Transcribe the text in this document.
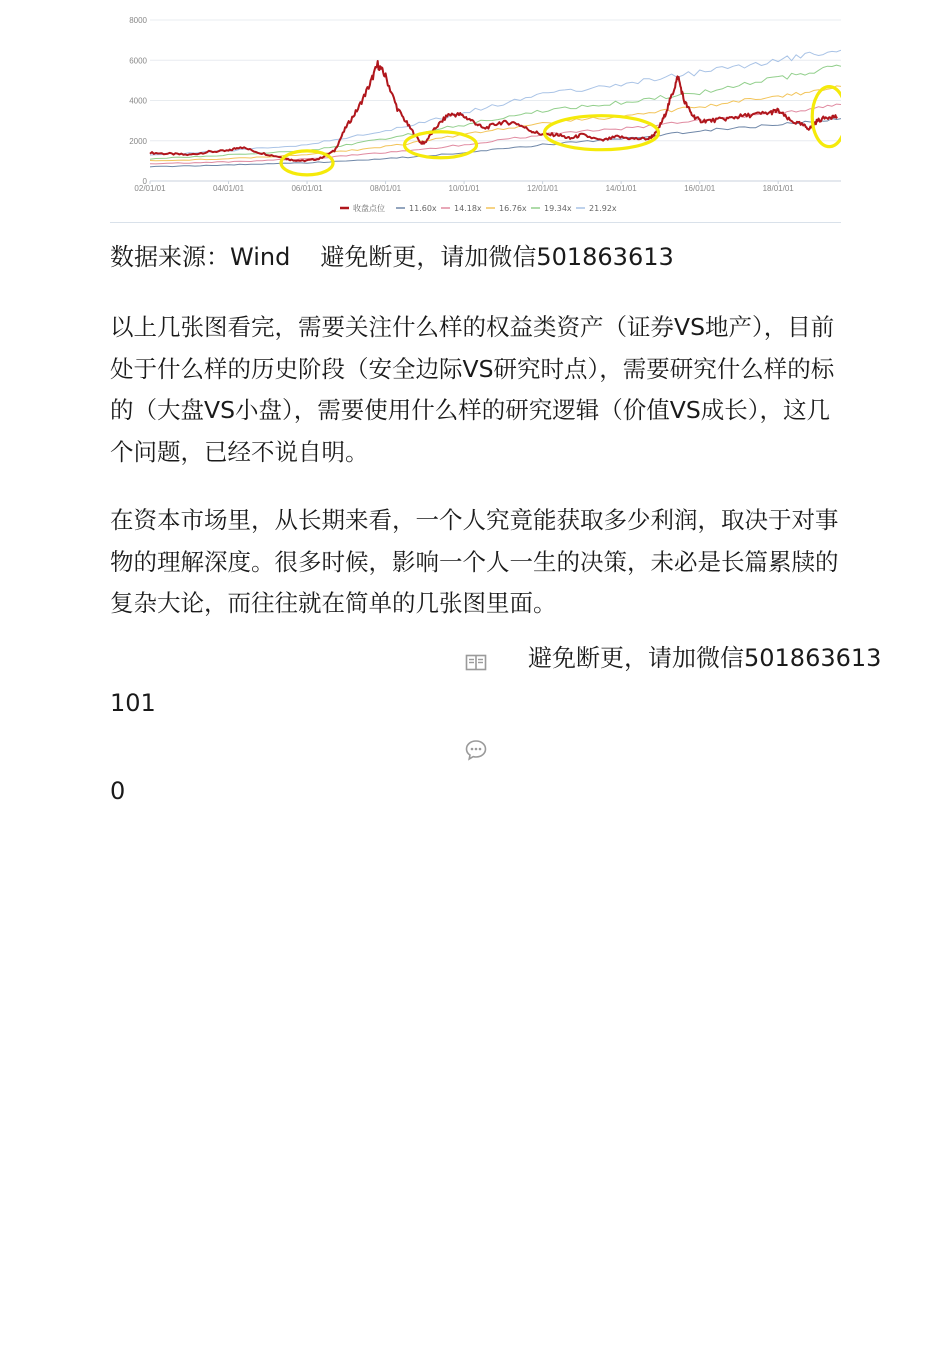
8000
6000
4000
2000
0
02/01/01	04/01/01	06/01/01	08/01/01	10/01/01	12/01/01	14/01/01	16/01/01	18/01/01
收盘点位	11.60x 14.18x 16.76x 19.34x 21.92x
数据来源：Wind 避免断更，请加微信501863613

以上几张图看完，需要关注什么样的权益类资产（证券VS地产），目前处于什么样的历史阶段（安全边际VS研究时点），需要研究什么样的标的（大盘VS小盘），需要使用什么样的研究逻辑（价值VS成长），这几个问题，已经不说自明。

在资本市场里，从长期来看，一个人究竟能获取多少利润，取决于对事物的理解深度。很多时候，影响一个人一生的决策，未必是长篇累牍的复杂大论，而往往就在简单的几张图里面。

避免断更，请加微信501863613
101
0
